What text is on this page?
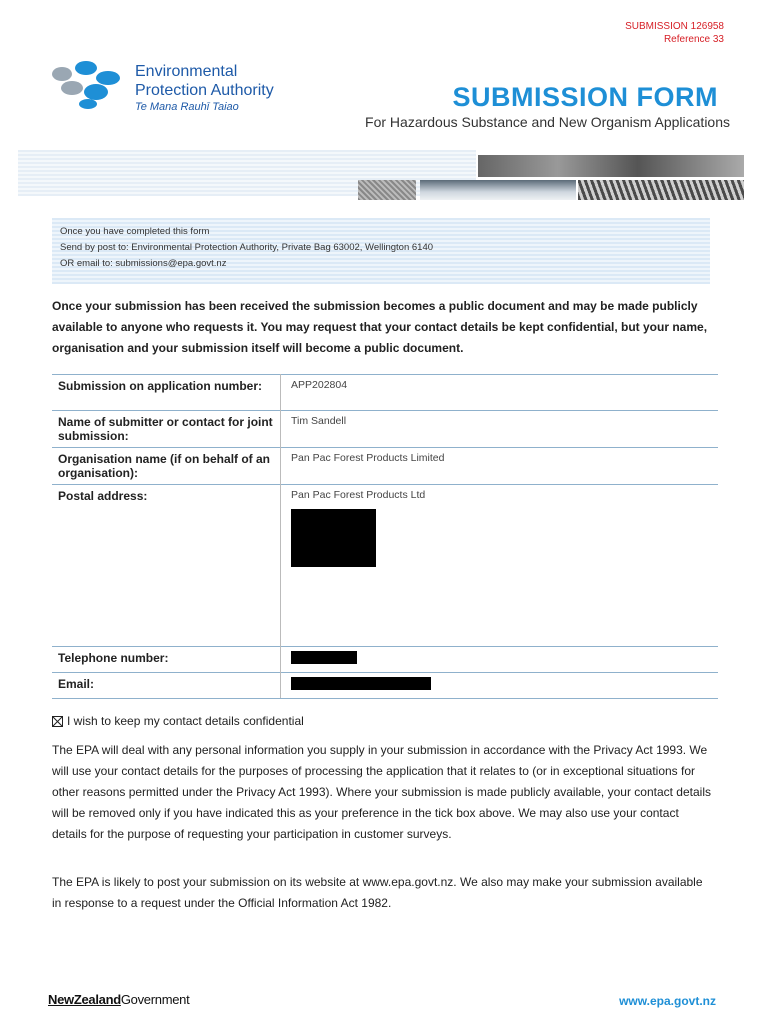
SUBMISSION 126958
Reference 33
Environmental
Protection Authority
Te Mana Rauhī Taiao	SUBMISSION FORM
For Hazardous Substance and New Organism Applications
Once you have completed this form
Send by post to: Environmental Protection Authority, Private Bag 63002, Wellington 6140
OR email to: submissions@epa.govt.nz
Once your submission has been received the submission becomes a public document and may be made publicly available to anyone who requests it. You may request that your contact details be kept confidential, but your name, organisation and your submission itself will become a public document.
Submission on application number:	APP202804
Name of submitter or contact for joint submission:	Tim Sandell
Organisation name (if on behalf of an organisation):	Pan Pac Forest Products Limited
Postal address:	Pan Pac Forest Products Ltd

Telephone number:	
Email:	
I wish to keep my contact details confidential
The EPA will deal with any personal information you supply in your submission in accordance with the Privacy Act 1993. We will use your contact details for the purposes of processing the application that it relates to (or in exceptional situations for other reasons permitted under the Privacy Act 1993). Where your submission is made publicly available, your contact details will be removed only if you have indicated this as your preference in the tick box above. We may also use your contact details for the purpose of requesting your participation in customer surveys.
The EPA is likely to post your submission on its website at www.epa.govt.nz. We also may make your submission available in response to a request under the Official Information Act 1982.
NewZealandGovernment	www.epa.govt.nz
